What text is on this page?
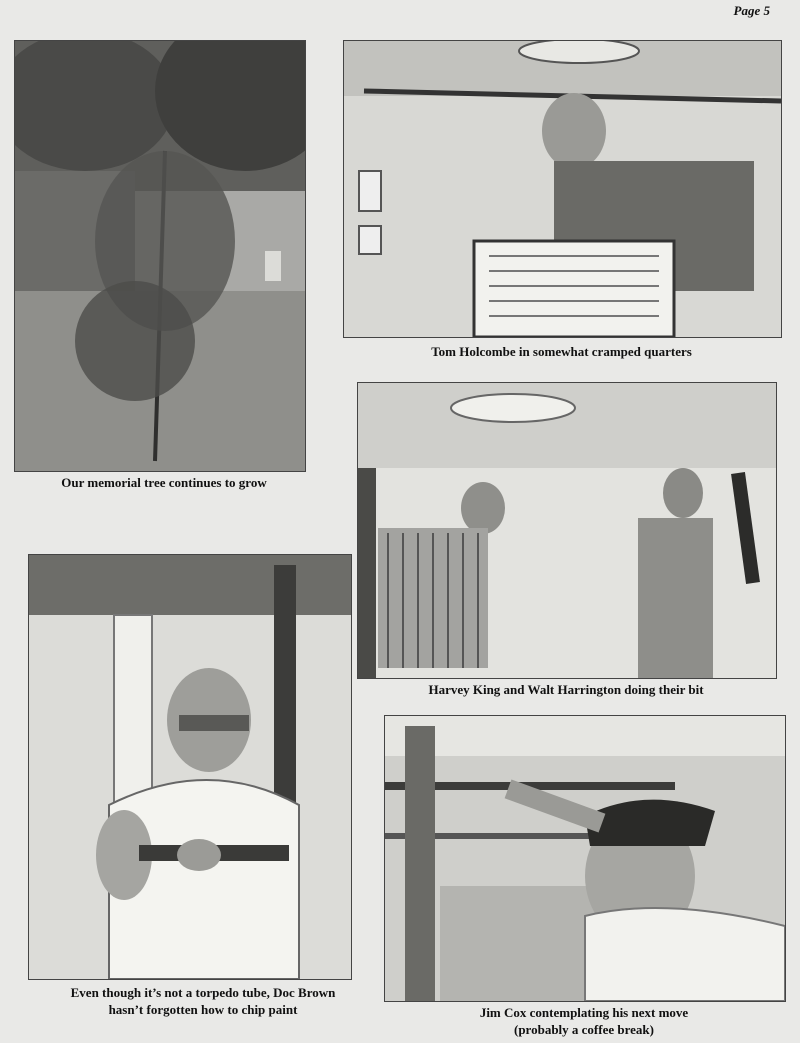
Page 5
Our memorial tree continues to grow
Tom Holcombe in somewhat cramped quarters
Harvey King and Walt Harrington doing their bit
Even though it’s not a torpedo tube, Doc Brown
hasn’t forgotten how to chip paint	Jim Cox contemplating his next move
(probably a coffee break)
